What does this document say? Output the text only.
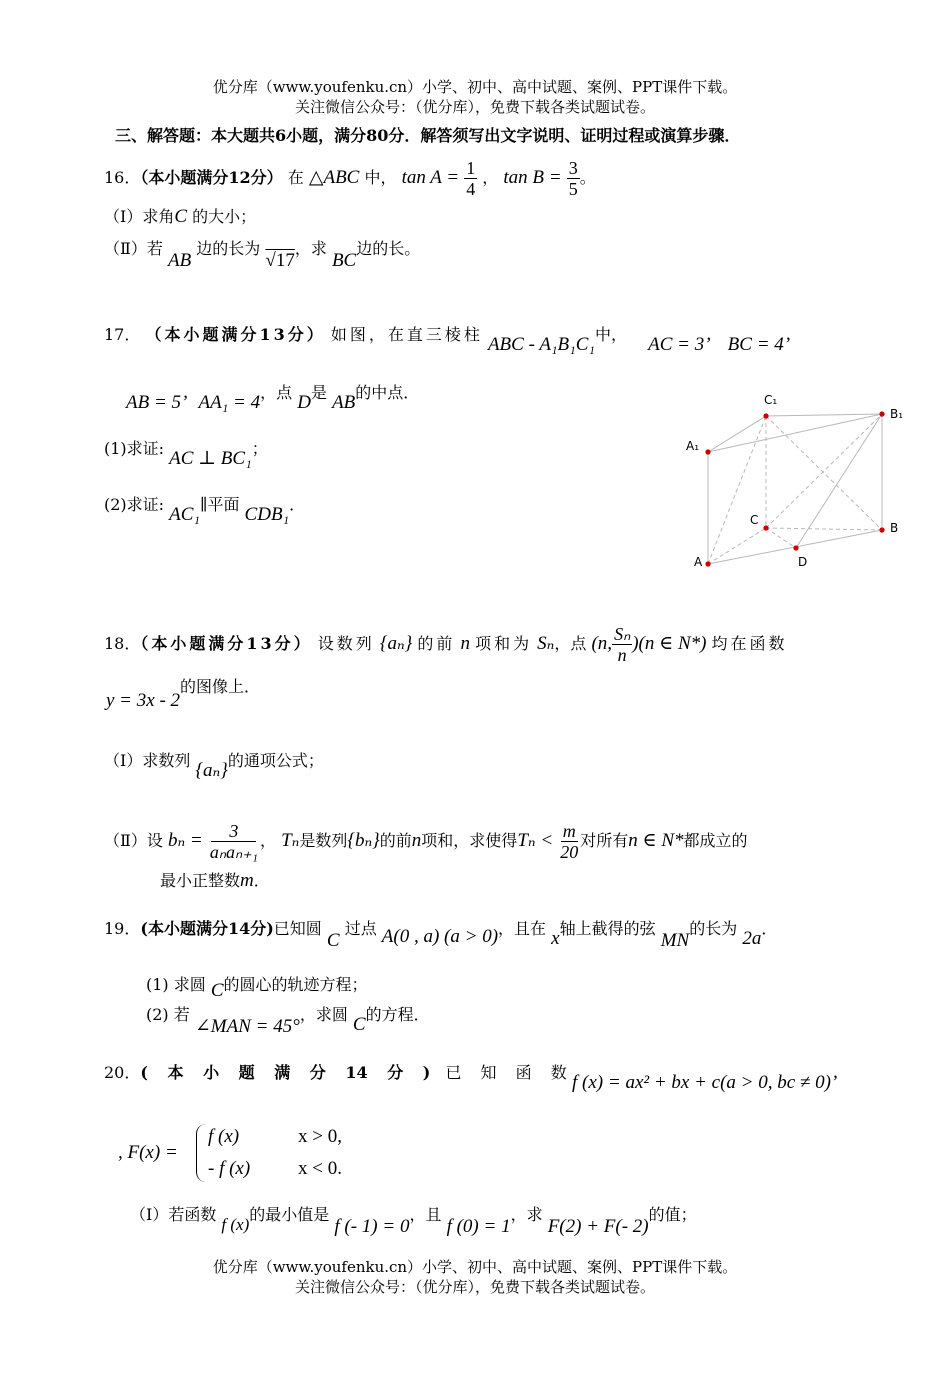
优分库（www.youfenku.cn）小学、初中、高中试题、案例、PPT课件下载。
关注微信公众号：（优分库），免费下载各类试题试卷。
三、解答题：本大题共6小题，满分80分．解答须写出文字说明、证明过程或演算步骤．
16．（本小题满分12分） 在 △ABC 中， $\tan A = \frac{1}{4}$ ， $\tan B = \frac{3}{5}$ 。
（Ⅰ）求角C 的大小；
（Ⅱ）若 AB 边的长为 √17，求 BC边的长。
17． （本小题满分13分） 如图，在直三棱柱 ABC - A₁B₁C₁中， AC = 3’ BC = 4’
AB = 5’ AA₁ = 4，点 D是 AB的中点．
(1)求证: AC ⊥ BC₁；
(2)求证: AC₁∥平面 CDB₁．
C₁
B₁
A₁
C
B
A	D
18．（本小题满分13分） 设数列 {aₙ} 的前 n 项和为 Sₙ，点 (n, $\frac{\text{Sₙ}}{n} )(n$ ∈ N*) 均在函数
y = 3x - 2的图像上．
（Ⅰ）求数列 {aₙ}的通项公式；
（Ⅱ）设 $b_n = \frac{3}{\text{aₙaₙ₊₁}}$ ， Tₙ是数列{bₙ}的前n项和，求使得$T_n < \frac{m}{20}$ 对所有n ∈ N*都成立的
最小正整数m．
19．(本小题满分14分)已知圆 C 过点 A(0 , a) (a > 0)，且在 x轴上截得的弦 MN的长为 2a．
(1) 求圆 C的圆心的轨迹方程；
(2) 若 ∠MAN = 45°，求圆 C的方程．
20．( 本 小 题 满 分 14 分 ) 已 知 函 数 f (x) = ax² + bx + c(a > 0, bc ≠ 0)’
, F(x) =
f (x)	x > 0,
- f (x)	x < 0.
（Ⅰ）若函数 f (x)的最小值是 f (- 1) = 0，且 f (0) = 1，求 F(2) + F(- 2)的值；
优分库（www.youfenku.cn）小学、初中、高中试题、案例、PPT课件下载。
关注微信公众号：（优分库），免费下载各类试题试卷。
